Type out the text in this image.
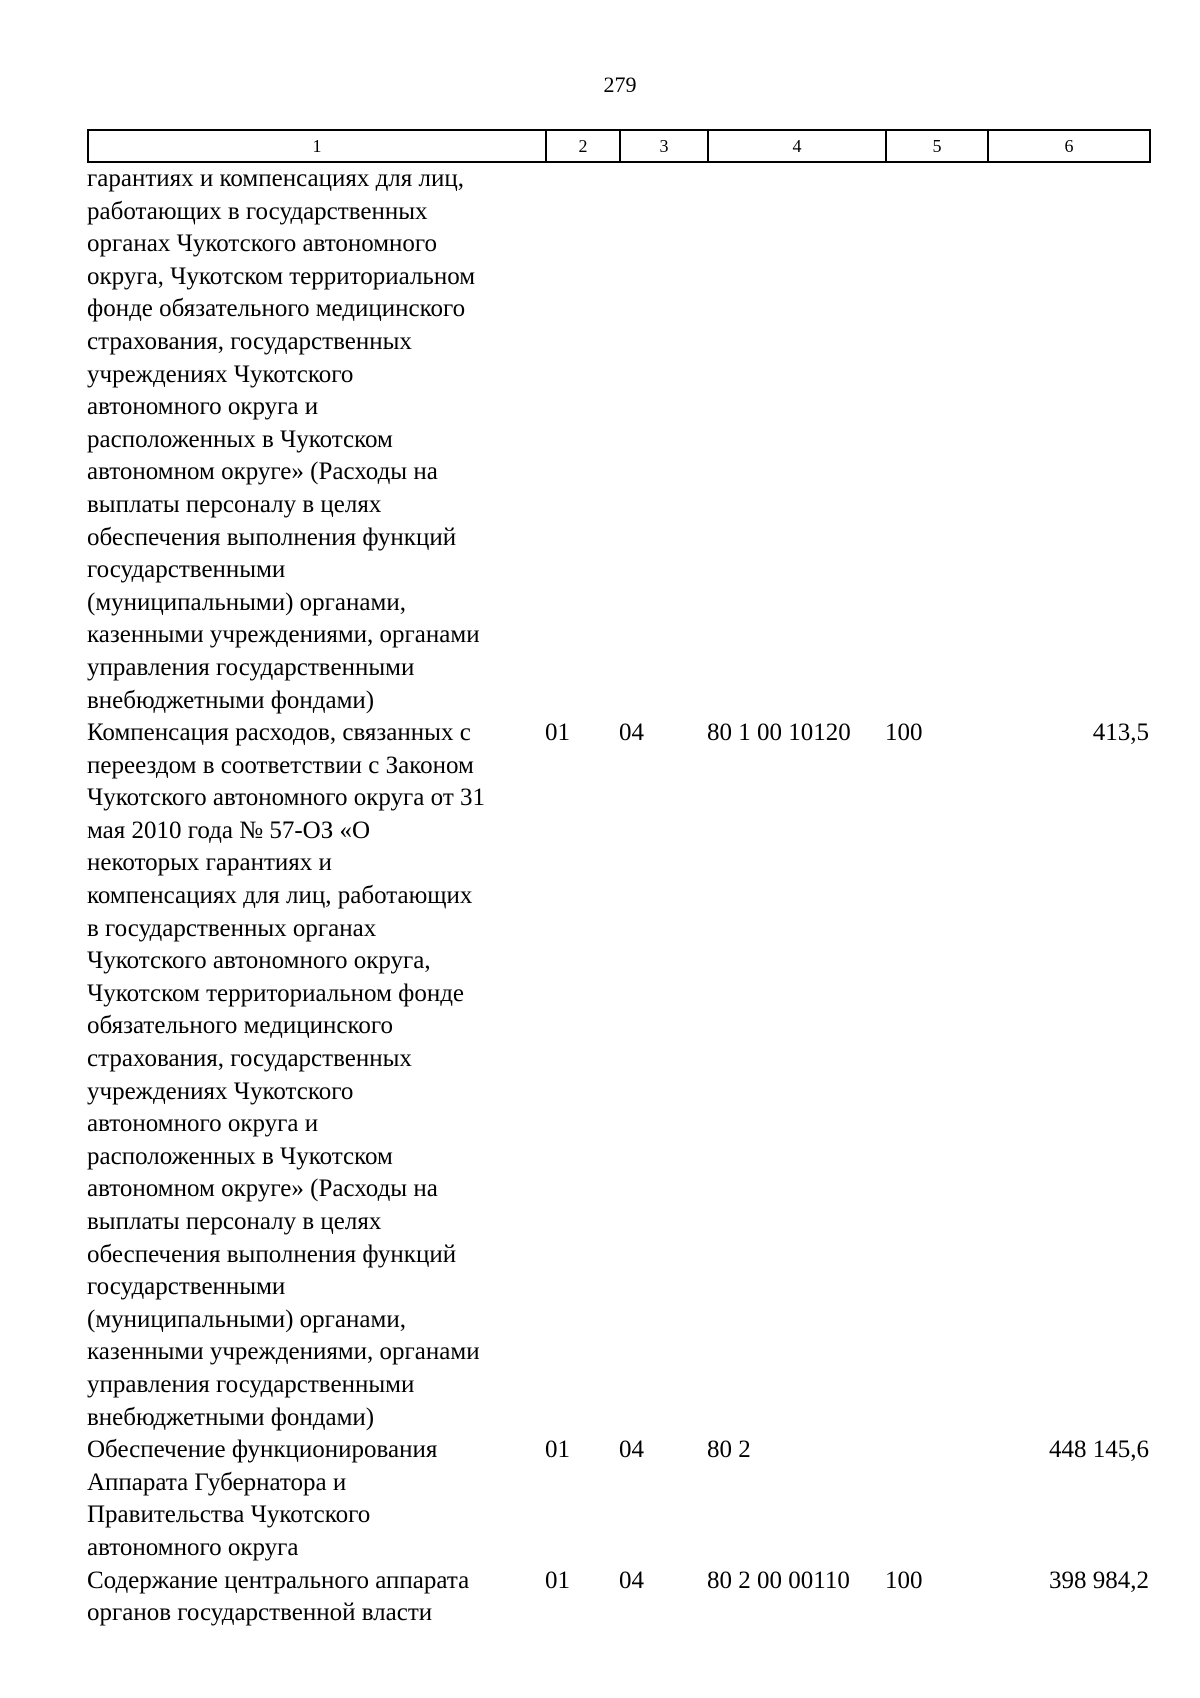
279
1	2	3	4	5	6
гарантиях и компенсациях для лиц,
работающих в государственных
органах Чукотского автономного
округа, Чукотском территориальном
фонде обязательного медицинского
страхования, государственных
учреждениях Чукотского
автономного округа и
расположенных в Чукотском
автономном округе» (Расходы на
выплаты персоналу в целях
обеспечения выполнения функций
государственными
(муниципальными) органами,
казенными учреждениями, органами
управления государственными
внебюджетными фондами)
Компенсация расходов, связанных с
переездом в соответствии с Законом
Чукотского автономного округа от 31
мая 2010 года № 57-ОЗ «О
некоторых гарантиях и
компенсациях для лиц, работающих
в государственных органах
Чукотского автономного округа,
Чукотском территориальном фонде
обязательного медицинского
страхования, государственных
учреждениях Чукотского
автономного округа и
расположенных в Чукотском
автономном округе» (Расходы на
выплаты персоналу в целях
обеспечения выполнения функций
государственными
(муниципальными) органами,
казенными учреждениями, органами
управления государственными
внебюджетными фондами)
01 04	80 1 00 10120 100	413,5
Обеспечение функционирования
Аппарата Губернатора и
Правительства Чукотского
автономного округа
01 04	80 2	448 145,6
Содержание центрального аппарата
органов государственной власти
01 04	80 2 00 00110 100	398 984,2
